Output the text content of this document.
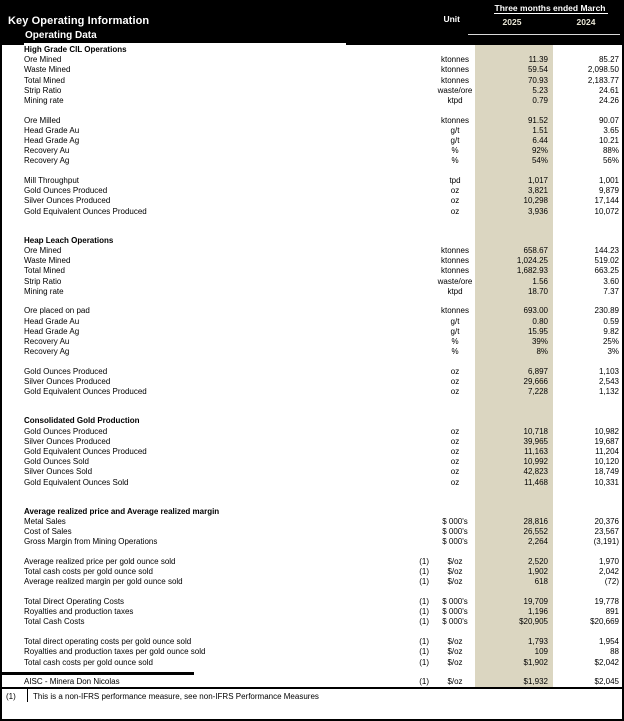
Key Operating Information
Operating Data
Unit
Three months ended March
2025	2024
High Grade CIL Operations
Ore Mined	ktonnes	11.39	85.27
Waste Mined	ktonnes	59.54	2,098.50
Total Mined	ktonnes	70.93	2,183.77
Strip Ratio	waste/ore	5.23	24.61
Mining rate	ktpd	0.79	24.26
Ore Milled	ktonnes	91.52	90.07
Head Grade Au	g/t	1.51	3.65
Head Grade Ag	g/t	6.44	10.21
Recovery Au	%	92%	88%
Recovery Ag	%	54%	56%
Mill Throughput	tpd	1,017	1,001
Gold Ounces Produced	oz	3,821	9,879
Silver Ounces Produced	oz	10,298	17,144
Gold Equivalent Ounces Produced	oz	3,936	10,072
Heap Leach Operations
Ore Mined	ktonnes	658.67	144.23
Waste Mined	ktonnes	1,024.25	519.02
Total Mined	ktonnes	1,682.93	663.25
Strip Ratio	waste/ore	1.56	3.60
Mining rate	ktpd	18.70	7.37
Ore placed on pad	ktonnes	693.00	230.89
Head Grade Au	g/t	0.80	0.59
Head Grade Ag	g/t	15.95	9.82
Recovery Au	%	39%	25%
Recovery Ag	%	8%	3%
Gold Ounces Produced	oz	6,897	1,103
Silver Ounces Produced	oz	29,666	2,543
Gold Equivalent Ounces Produced	oz	7,228	1,132
Consolidated Gold Production
Gold Ounces Produced	oz	10,718	10,982
Silver Ounces Produced	oz	39,965	19,687
Gold Equivalent Ounces Produced	oz	11,163	11,204
Gold Ounces Sold	oz	10,992	10,120
Silver Ounces Sold	oz	42,823	18,749
Gold Equivalent Ounces Sold	oz	11,468	10,331
Average realized price and Average realized margin
Metal Sales	$ 000's	28,816	20,376
Cost of Sales	$ 000's	26,552	23,567
Gross Margin from Mining Operations	$ 000's	2,264	(3,191)
Average realized price per gold ounce sold	(1)	$/oz	2,520	1,970
Total cash costs per gold ounce sold	(1)	$/oz	1,902	2,042
Average realized margin per gold ounce sold	(1)	$/oz	618	(72)
Total Direct Operating Costs	(1)	$ 000's	19,709	19,778
Royalties and production taxes	(1)	$ 000's	1,196	891
Total Cash Costs	(1)	$ 000's	$20,905	$20,669
Total direct operating costs per gold ounce sold	(1)	$/oz	1,793	1,954
Royalties and production taxes per gold ounce sold	(1)	$/oz	109	88
Total cash costs per gold ounce sold	(1)	$/oz	$1,902	$2,042
AISC - Minera Don Nicolas	(1)	$/oz	$1,932	$2,045
(1) This is a non-IFRS performance measure, see non-IFRS Performance Measures
